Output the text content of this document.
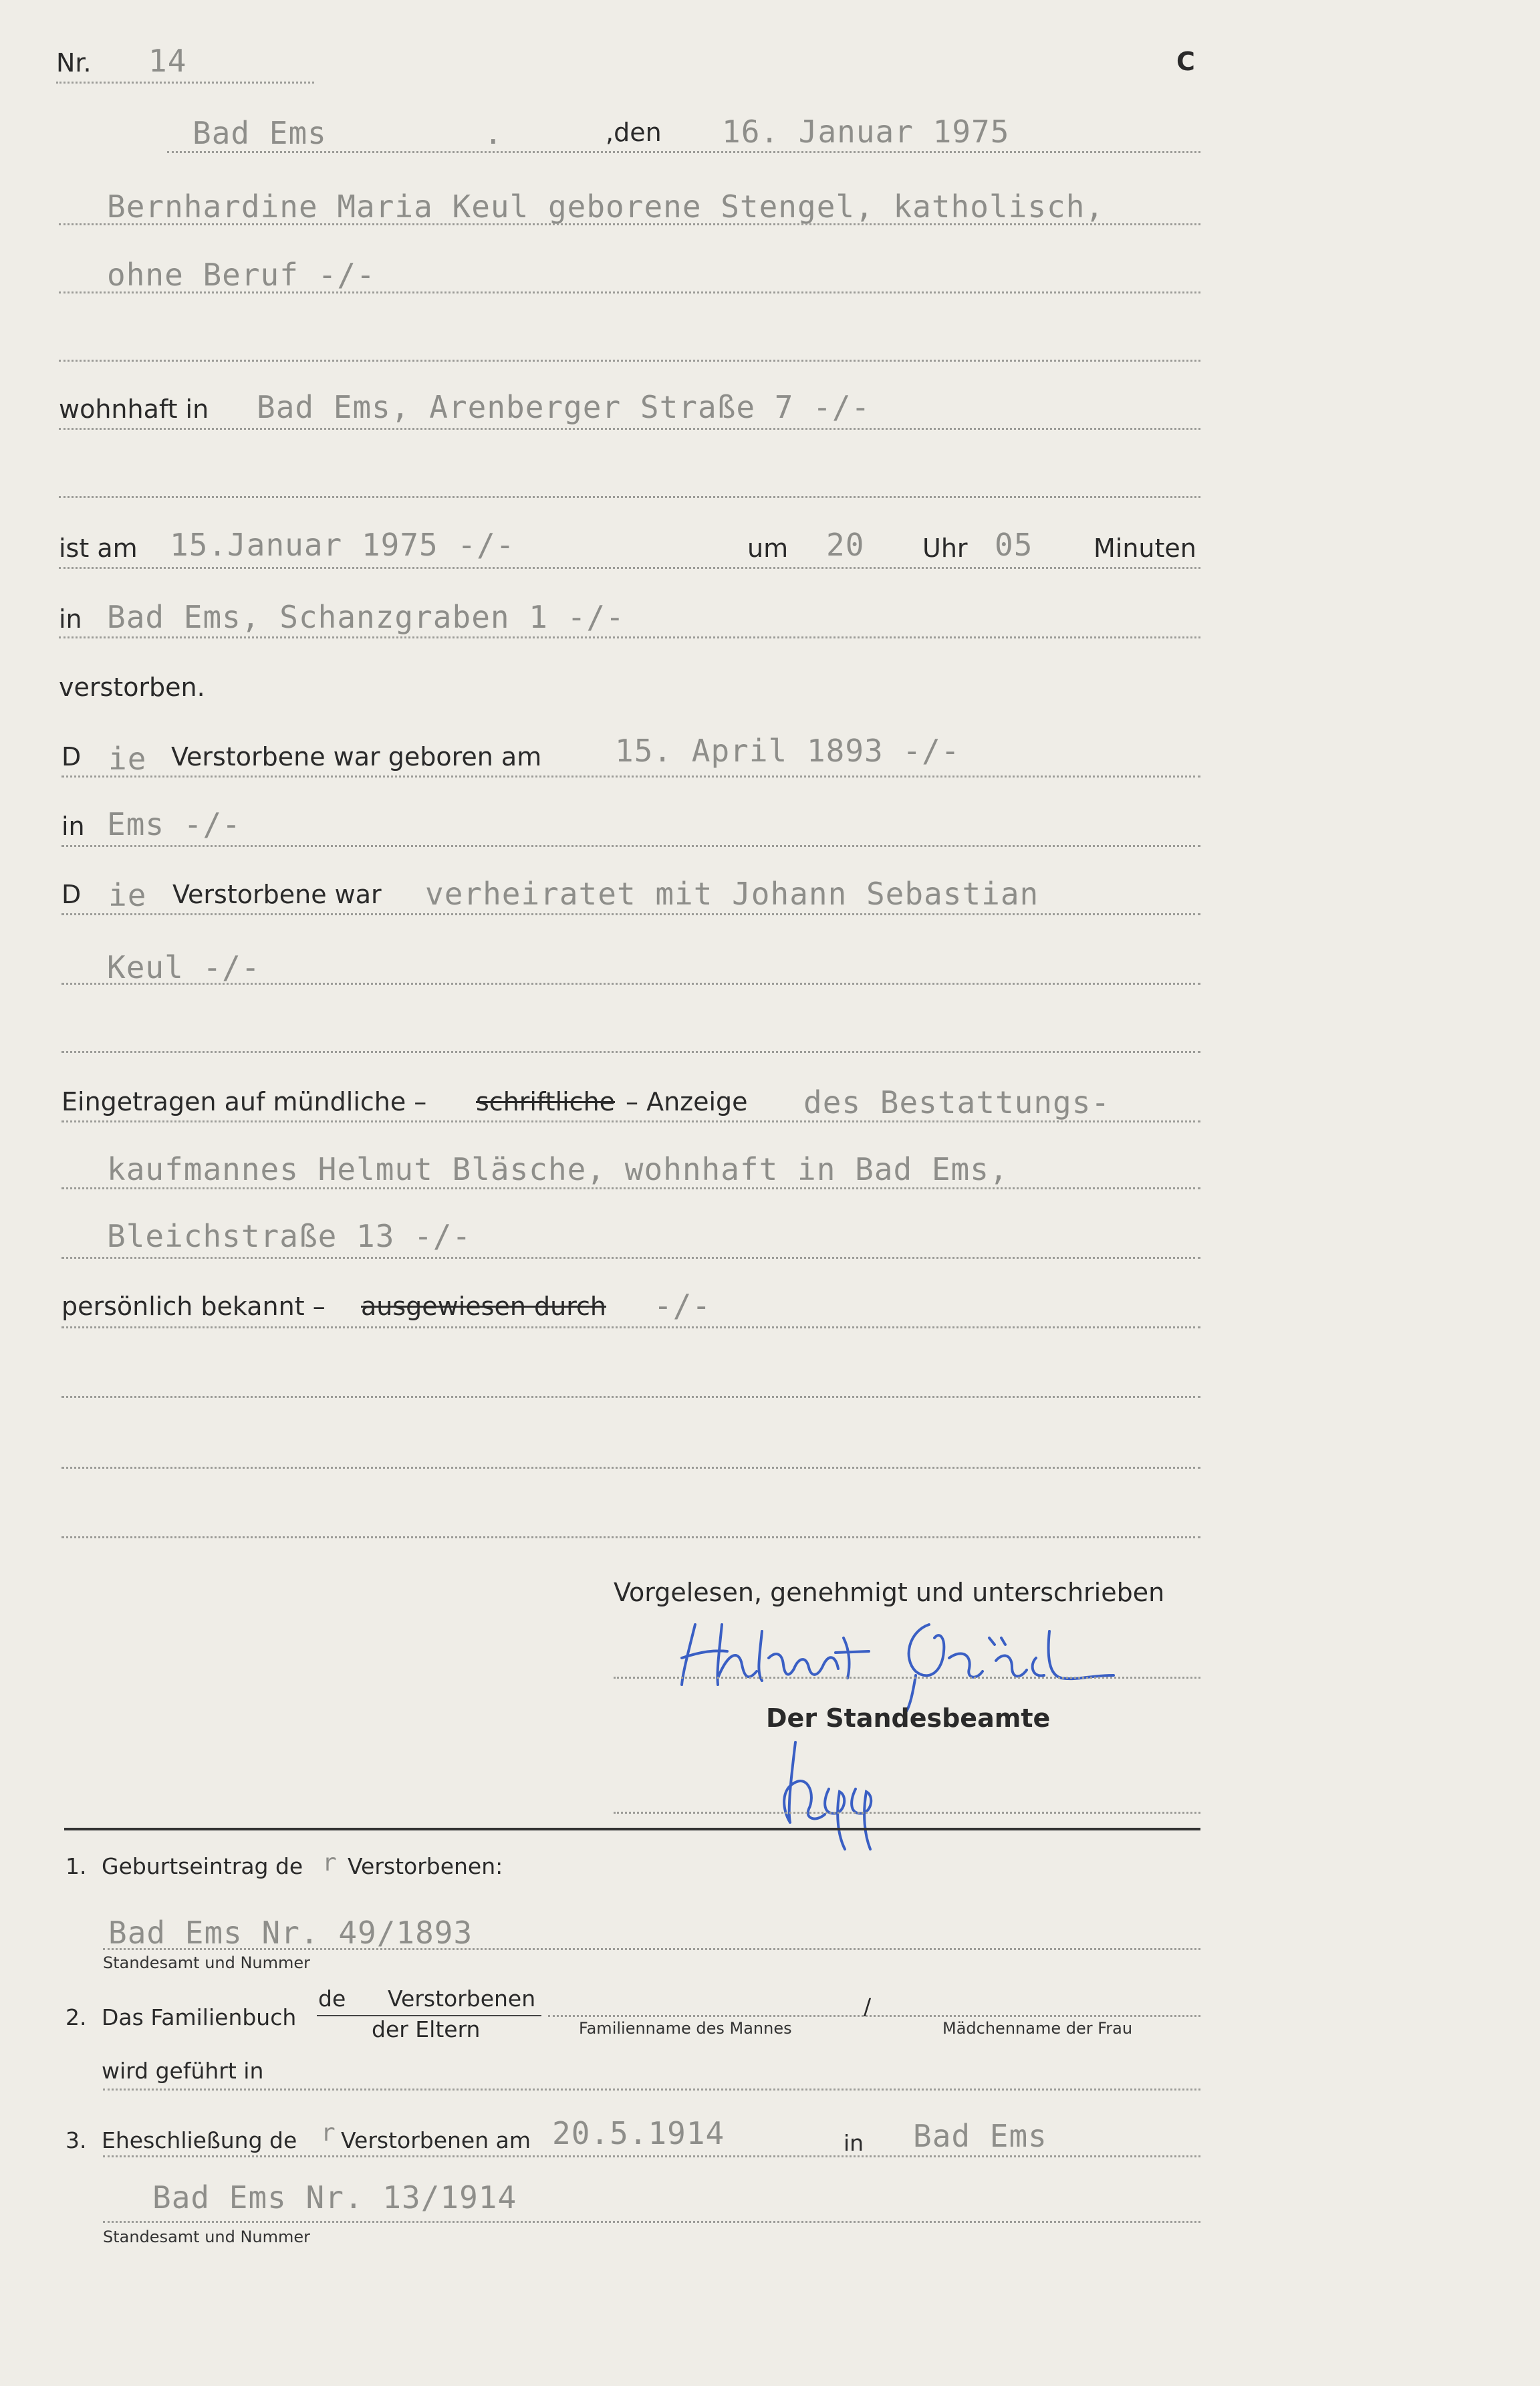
Nr. 14	C
Bad Ems	.	,den 16. Januar 1975
Bernhardine Maria Keul geborene Stengel, katholisch,
ohne Beruf -/-
wohnhaft in Bad Ems, Arenberger Straße 7 -/-
ist am 15.Januar 1975 -/-	um 20 Uhr 05 Minuten
in Bad Ems, Schanzgraben 1 -/-
verstorben.
D ie Verstorbene war geboren am 15. April 1893 -/-
in Ems -/-
D ie Verstorbene war verheiratet mit Johann Sebastian
Keul -/-
Eingetragen auf mündliche – schriftliche – Anzeige des Bestattungs-
kaufmannes Helmut Bläsche, wohnhaft in Bad Ems,
Bleichstraße 13 -/-
persönlich bekannt – ausgewiesen durch -/-
Vorgelesen, genehmigt und unterschrieben
Der Standesbeamte
1. Geburtseintrag de r Verstorbenen:
Bad Ems Nr. 49/1893
Standesamt und Nummer
2. Das Familienbuch
de Verstorbenen
der Eltern	Familienname des Mannes
/
Mädchenname der Frau
wird geführt in
3. Eheschließung de r Verstorbenen am 20.5.1914	in Bad Ems
Bad Ems Nr. 13/1914
Standesamt und Nummer
